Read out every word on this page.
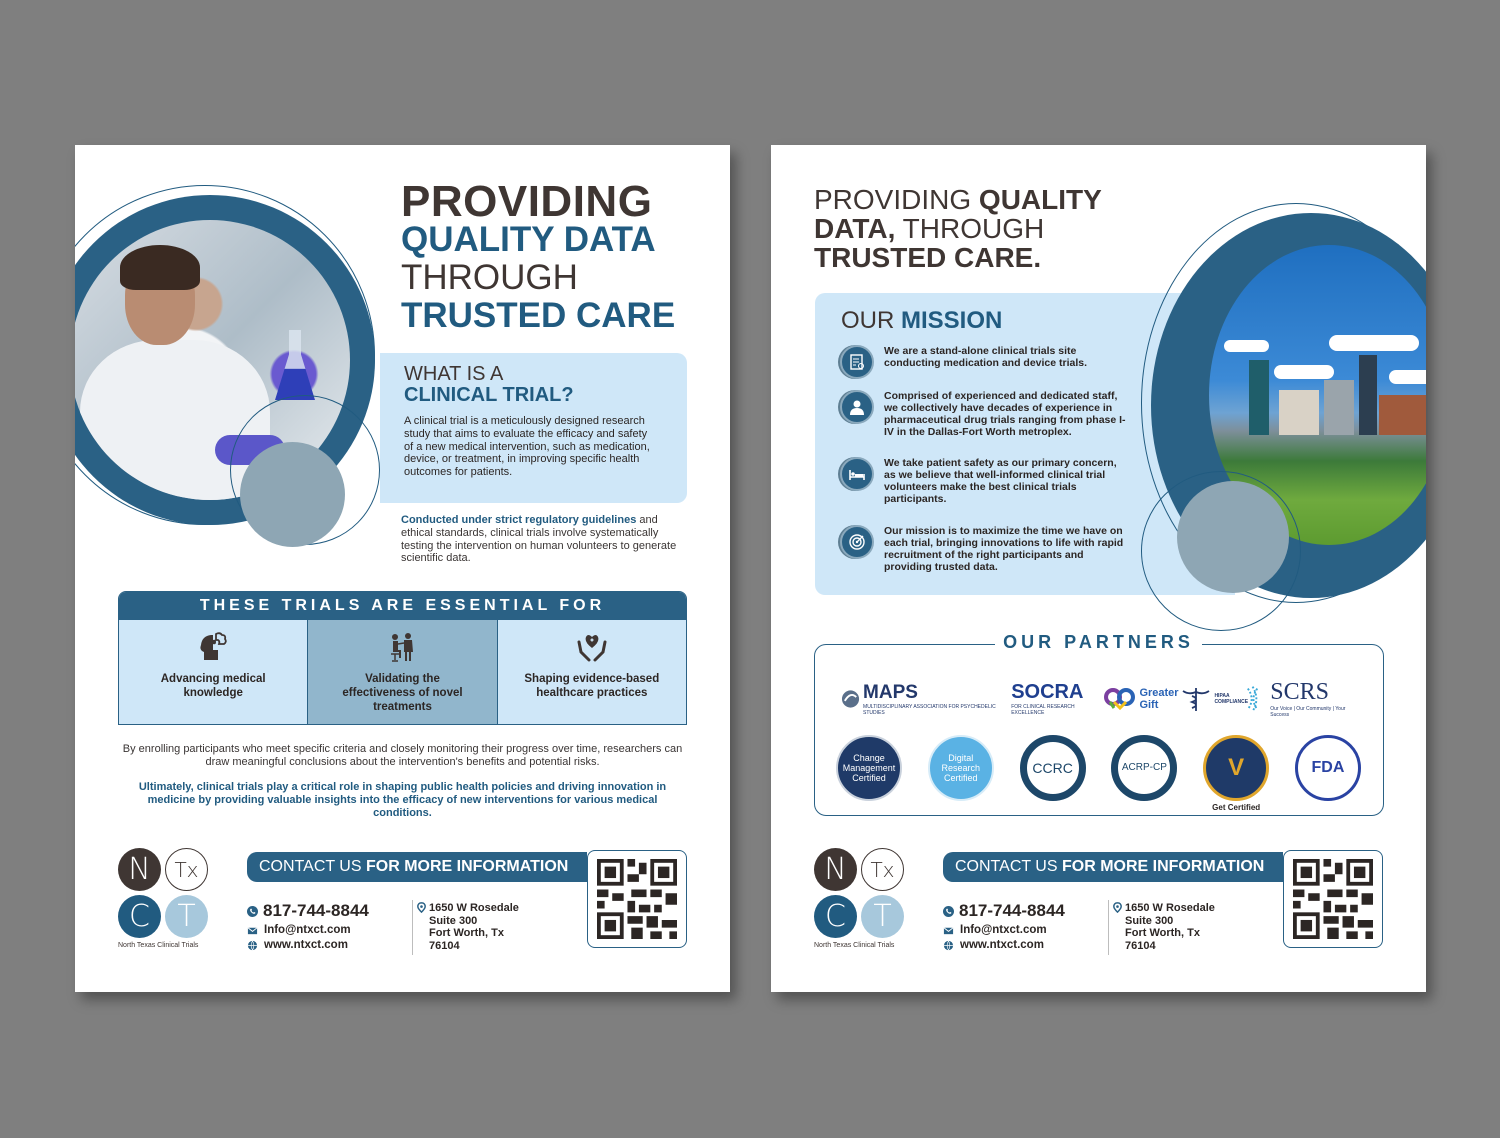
PROVIDING
QUALITY DATA
THROUGH
TRUSTED CARE
WHAT IS A
CLINICAL TRIAL?

A clinical trial is a meticulously designed research study that aims to evaluate the efficacy and safety of a new medical intervention, such as medication, device, or treatment, in improving specific health outcomes for patients.

Conducted under strict regulatory guidelines and ethical standards, clinical trials involve systematically testing the intervention on human volunteers to generate scientific data.

THESE TRIALS ARE ESSENTIAL FOR
Advancing medical knowledge
Validating the effectiveness of novel treatments
Shaping evidence-based healthcare practices

By enrolling participants who meet specific criteria and closely monitoring their progress over time, researchers can draw meaningful conclusions about the intervention's benefits and potential risks.

Ultimately, clinical trials play a critical role in shaping public health policies and driving innovation in medicine by providing valuable insights into the efficacy of new interventions for various medical conditions.

N	Tx
C T
North Texas Clinical Trials
CONTACT US FOR MORE INFORMATION
817-744-8844
Info@ntxct.com
www.ntxct.com
1650 W Rosedale
Suite 300
Fort Worth, Tx
76104
PROVIDING QUALITY
DATA, THROUGH
TRUSTED CARE.
OUR MISSION
We are a stand-alone clinical trials site conducting medication and device trials.
Comprised of experienced and dedicated staff, we collectively have decades of experience in pharmaceutical drug trials ranging from phase I-IV in the Dallas-Fort Worth metroplex.
We take patient safety as our primary concern, as we believe that well-informed clinical trial volunteers make the best clinical trials participants.
Our mission is to maximize the time we have on each trial, bringing innovations to life with rapid recruitment of the right participants and providing trusted data.
OUR PARTNERS
MAPS
MULTIDISCIPLINARY ASSOCIATION FOR PSYCHEDELIC STUDIES
SOCRA
FOR CLINICAL RESEARCH EXCELLENCE
Greater Gift
HIPAA COMPLIANCE SCRS
Our Voice | Our Community | Your Success
Change Management Certified
Digital Research Certified
CCRC	ACRP-CP	V
Get Certified
FDA
N	Tx
C T
North Texas Clinical Trials
CONTACT US FOR MORE INFORMATION
817-744-8844
Info@ntxct.com
www.ntxct.com
1650 W Rosedale
Suite 300
Fort Worth, Tx
76104
